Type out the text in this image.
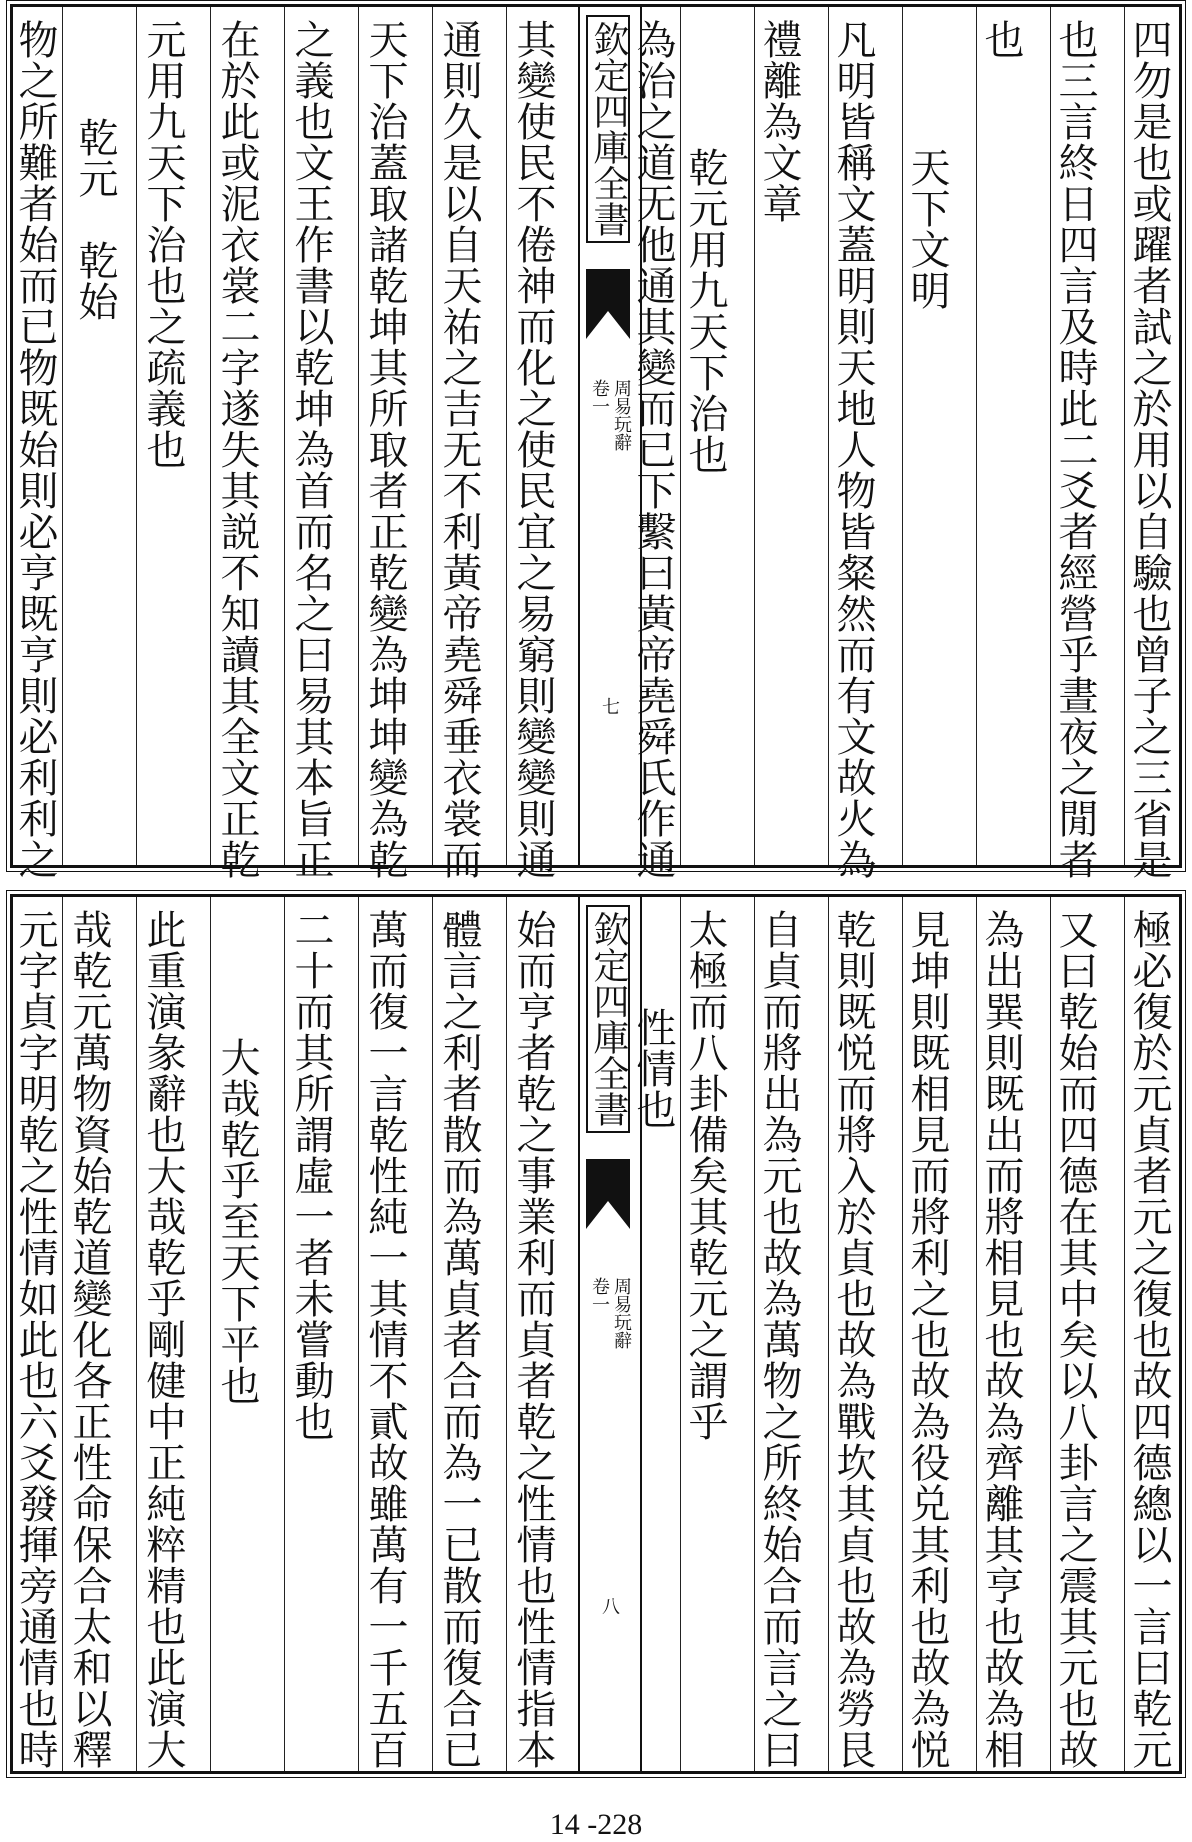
欽定四庫全書
周易玩辭
卷一
七	四勿是也或躍者試之於用以自驗也曾子之三省是
也三言終日四言及時此二爻者經營乎晝夜之閒者
也
天下文明
凡明皆稱文蓋明則天地人物皆粲然而有文故火為
禮離為文章
乾元用九天下治也
為治之道无他通其變而已下繫曰黃帝堯舜氏作通
其變使民不倦神而化之使民宜之易窮則變變則通
通則久是以自天祐之吉无不利黃帝堯舜垂衣裳而
天下治蓋取諸乾坤其所取者正乾變為坤坤變為乾
之義也文王作書以乾坤為首而名之曰易其本旨正
在於此或泥衣裳二字遂失其説不知讀其全文正乾
元用九天下治也之疏義也
物之所難者始而已物既始則必亨既亨則必利利之 乾元　乾始
欽定四庫全書
周易玩辭
卷一
八	極必復於元貞者元之復也故四德總以一言曰乾元
又曰乾始而四德在其中矣以八卦言之震其元也故
為出巽則既出而將相見也故為齊離其亨也故為相
見坤則既相見而將利之也故為役兑其利也故為悦
乾則既悦而將入於貞也故為戰坎其貞也故為勞艮
自貞而將出為元也故為萬物之所終始合而言之曰
太極而八卦備矣其乾元之謂乎
性情也
始而亨者乾之事業利而貞者乾之性情也性情指本
體言之利者散而為萬貞者合而為一已散而復合已
萬而復一言乾性純一其情不貳故雖萬有一千五百
二十而其所謂虛一者未嘗動也
大哉乾乎至天下平也
此重演彖辭也大哉乾乎剛健中正純粹精也此演大
哉乾元萬物資始乾道變化各正性命保合太和以釋
元字貞字明乾之性情如此也六爻發揮旁通情也時
14 -228
